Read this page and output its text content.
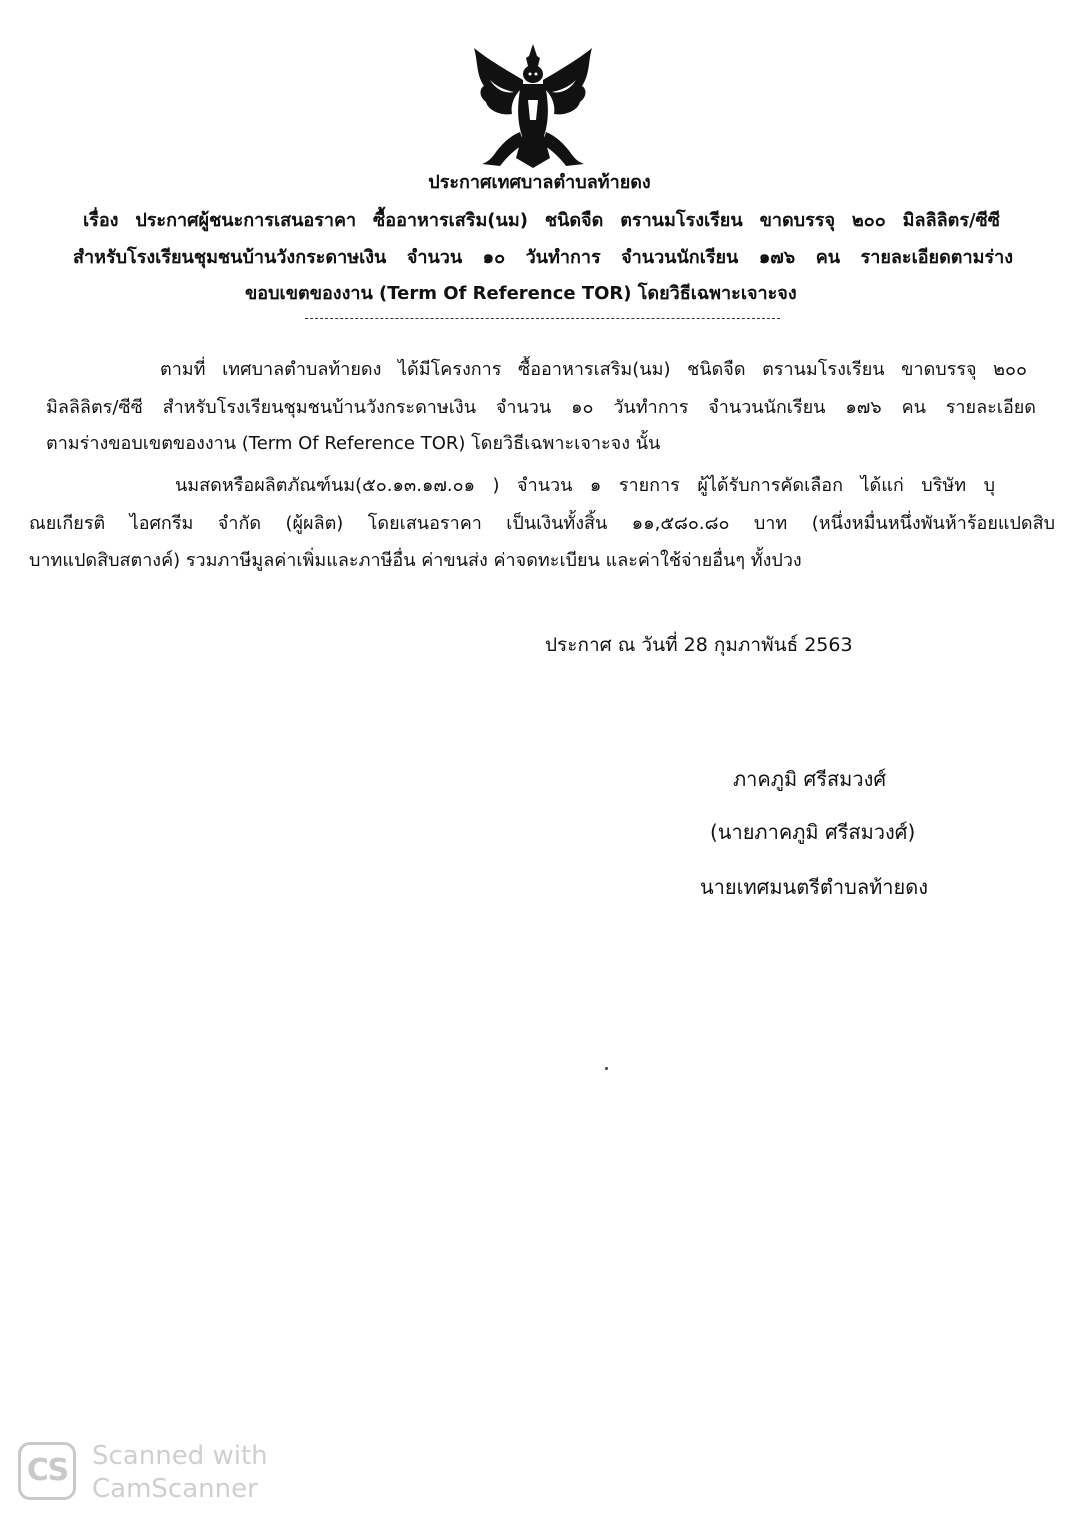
ประกาศเทศบาลตำบลท้ายดง
เรื่อง ประกาศผู้ชนะการเสนอราคา ซื้ออาหารเสริม(นม) ชนิดจืด ตรานมโรงเรียน ขาดบรรจุ ๒๐๐ มิลลิลิตร/ซีซี
สำหรับโรงเรียนชุมชนบ้านวังกระดาษเงิน จำนวน ๑๐ วันทำการ จำนวนนักเรียน ๑๗๖ คน รายละเอียดตามร่าง
ขอบเขตของงาน (Term Of Reference TOR) โดยวิธีเฉพาะเจาะจง
ตามที่ เทศบาลตำบลท้ายดง ได้มีโครงการ ซื้ออาหารเสริม(นม) ชนิดจืด ตรานมโรงเรียน ขาดบรรจุ ๒๐๐
มิลลิลิตร/ซีซี สำหรับโรงเรียนชุมชนบ้านวังกระดาษเงิน จำนวน ๑๐ วันทำการ จำนวนนักเรียน ๑๗๖ คน รายละเอียด
ตามร่างขอบเขตของงาน (Term Of Reference TOR) โดยวิธีเฉพาะเจาะจง นั้น
นมสดหรือผลิตภัณฑ์นม(๕๐.๑๓.๑๗.๐๑ ) จำนวน ๑ รายการ ผู้ได้รับการคัดเลือก ได้แก่ บริษัท บุ
ณยเกียรติ ไอศกรีม จำกัด (ผู้ผลิต) โดยเสนอราคา เป็นเงินทั้งสิ้น ๑๑,๕๘๐.๘๐ บาท (หนึ่งหมื่นหนึ่งพันห้าร้อยแปดสิบ
บาทแปดสิบสตางค์) รวมภาษีมูลค่าเพิ่มและภาษีอื่น ค่าขนส่ง ค่าจดทะเบียน และค่าใช้จ่ายอื่นๆ ทั้งปวง
ประกาศ ณ วันที่ 28 กุมภาพันธ์ 2563
ภาคภูมิ ศรีสมวงศ์
(นายภาคภูมิ ศรีสมวงศ์)
นายเทศมนตรีตำบลท้ายดง
CS Scanned with
CamScanner
